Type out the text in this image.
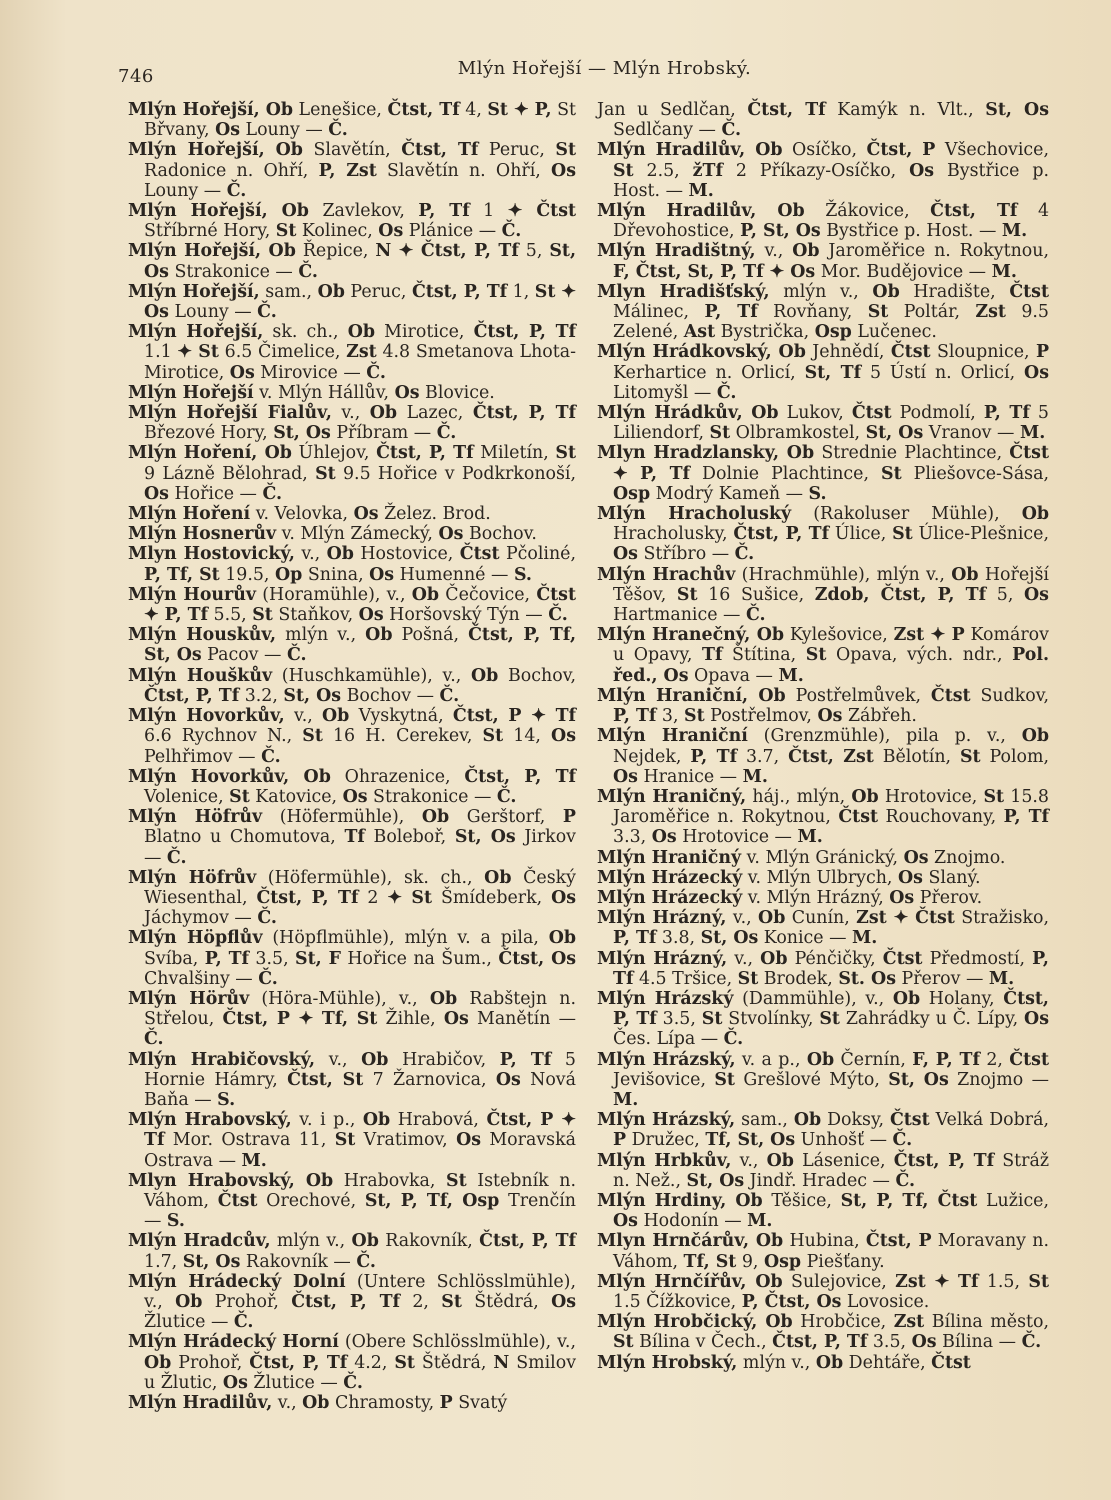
746	Mlýn Hořejší — Mlýn Hrobský.
Mlýn Hořejší, Ob Lenešice, Čtst, Tf 4, St ✦ P, St Břvany, Os Louny — Č.
Mlýn Hořejší, Ob Slavětín, Čtst, Tf Peruc, St Radonice n. Ohří, P, Zst Slavětín n. Ohří, Os Louny — Č.
Mlýn Hořejší, Ob Zavlekov, P, Tf 1 ✦ Čtst Stříbrné Hory, St Kolinec, Os Plánice — Č.
Mlýn Hořejší, Ob Řepice, N ✦ Čtst, P, Tf 5, St, Os Strakonice — Č.
Mlýn Hořejší, sam., Ob Peruc, Čtst, P, Tf 1, St ✦ Os Louny — Č.
Mlýn Hořejší, sk. ch., Ob Mirotice, Čtst, P, Tf 1.1 ✦ St 6.5 Čimelice, Zst 4.8 Smetanova Lhota-Mirotice, Os Mirovice — Č.
Mlýn Hořejší v. Mlýn Hállův, Os Blovice.
Mlýn Hořejší Fialův, v., Ob Lazec, Čtst, P, Tf Březové Hory, St, Os Příbram — Č.
Mlýn Hoření, Ob Úhlejov, Čtst, P, Tf Miletín, St 9 Lázně Bělohrad, St 9.5 Hořice v Podkrkonoší, Os Hořice — Č.
Mlýn Hoření v. Velovka, Os Želez. Brod.
Mlýn Hosnerův v. Mlýn Zámecký, Os Bochov.
Mlyn Hostovický, v., Ob Hostovice, Čtst Pčoliné, P, Tf, St 19.5, Op Snina, Os Humenné — S.
Mlýn Hourův (Horamühle), v., Ob Čečovice, Čtst ✦ P, Tf 5.5, St Staňkov, Os Horšovský Týn — Č.
Mlýn Houskův, mlýn v., Ob Pošná, Čtst, P, Tf, St, Os Pacov — Č.
Mlýn Houškův (Huschkamühle), v., Ob Bochov, Čtst, P, Tf 3.2, St, Os Bochov — Č.
Mlýn Hovorkův, v., Ob Vyskytná, Čtst, P ✦ Tf 6.6 Rychnov N., St 16 H. Cerekev, St 14, Os Pelhřimov — Č.
Mlýn Hovorkův, Ob Ohrazenice, Čtst, P, Tf Volenice, St Katovice, Os Strakonice — Č.
Mlýn Höfrův (Höfermühle), Ob Gerštorf, P Blatno u Chomutova, Tf Boleboř, St, Os Jirkov — Č.
Mlýn Höfrův (Höfermühle), sk. ch., Ob Český Wiesenthal, Čtst, P, Tf 2 ✦ St Šmídeberk, Os Jáchymov — Č.
Mlýn Höpflův (Höpflmühle), mlýn v. a pila, Ob Svíba, P, Tf 3.5, St, F Hořice na Šum., Čtst, Os Chvalšiny — Č.
Mlýn Hörův (Höra-Mühle), v., Ob Rabštejn n. Střelou, Čtst, P ✦ Tf, St Žihle, Os Manětín — Č.
Mlýn Hrabičovský, v., Ob Hrabičov, P, Tf 5 Hornie Hámry, Čtst, St 7 Žarnovica, Os Nová Baňa — S.
Mlýn Hrabovský, v. i p., Ob Hrabová, Čtst, P ✦ Tf Mor. Ostrava 11, St Vratimov, Os Moravská Ostrava — M.
Mlyn Hrabovský, Ob Hrabovka, St Istebník n. Váhom, Čtst Orechové, St, P, Tf, Osp Trenčín — S.
Mlýn Hradcův, mlýn v., Ob Rakovník, Čtst, P, Tf 1.7, St, Os Rakovník — Č.
Mlýn Hrádecký Dolní (Untere Schlösslmühle), v., Ob Prohoř, Čtst, P, Tf 2, St Štědrá, Os Žlutice — Č.
Mlýn Hrádecký Horní (Obere Schlösslmühle), v., Ob Prohoř, Čtst, P, Tf 4.2, St Štědrá, N Smilov u Žlutic, Os Žlutice — Č.
Mlýn Hradilův, v., Ob Chramosty, P Svatý
Jan u Sedlčan, Čtst, Tf Kamýk n. Vlt., St, Os Sedlčany — Č.
Mlýn Hradilův, Ob Osíčko, Čtst, P Všechovice, St 2.5, žTf 2 Příkazy-Osíčko, Os Bystřice p. Host. — M.
Mlýn Hradilův, Ob Žákovice, Čtst, Tf 4 Dřevohostice, P, St, Os Bystřice p. Host. — M.
Mlýn Hradištný, v., Ob Jaroměřice n. Rokytnou, F, Čtst, St, P, Tf ✦ Os Mor. Budějovice — M.
Mlyn Hradišťský, mlýn v., Ob Hradište, Čtst Málinec, P, Tf Rovňany, St Poltár, Zst 9.5 Zelené, Ast Bystrička, Osp Lučenec.
Mlýn Hrádkovský, Ob Jehnědí, Čtst Sloupnice, P Kerhartice n. Orlicí, St, Tf 5 Ústí n. Orlicí, Os Litomyšl — Č.
Mlýn Hrádkův, Ob Lukov, Čtst Podmolí, P, Tf 5 Liliendorf, St Olbramkostel, St, Os Vranov — M.
Mlyn Hradzlansky, Ob Strednie Plachtince, Čtst ✦ P, Tf Dolnie Plachtince, St Pliešovce-Sása, Osp Modrý Kameň — S.
Mlýn Hracholuský (Rakoluser Mühle), Ob Hracholusky, Čtst, P, Tf Úlice, St Úlice-Plešnice, Os Stříbro — Č.
Mlýn Hrachův (Hrachmühle), mlýn v., Ob Hořejší Těšov, St 16 Sušice, Zdob, Čtst, P, Tf 5, Os Hartmanice — Č.
Mlýn Hranečný, Ob Kylešovice, Zst ✦ P Komárov u Opavy, Tf Štítina, St Opava, vých. ndr., Pol. řed., Os Opava — M.
Mlýn Hraniční, Ob Postřelmůvek, Čtst Sudkov, P, Tf 3, St Postřelmov, Os Zábřeh.
Mlýn Hraniční (Grenzmühle), pila p. v., Ob Nejdek, P, Tf 3.7, Čtst, Zst Bělotín, St Polom, Os Hranice — M.
Mlýn Hraničný, háj., mlýn, Ob Hrotovice, St 15.8 Jaroměřice n. Rokytnou, Čtst Rouchovany, P, Tf 3.3, Os Hrotovice — M.
Mlýn Hraničný v. Mlýn Gránický, Os Znojmo.
Mlýn Hrázecký v. Mlýn Ulbrych, Os Slaný.
Mlýn Hrázecký v. Mlýn Hrázný, Os Přerov.
Mlýn Hrázný, v., Ob Cunín, Zst ✦ Čtst Stražisko, P, Tf 3.8, St, Os Konice — M.
Mlýn Hrázný, v., Ob Pénčičky, Čtst Předmostí, P, Tf 4.5 Tršice, St Brodek, St. Os Přerov — M.
Mlýn Hrázský (Dammühle), v., Ob Holany, Čtst, P, Tf 3.5, St Stvolínky, St Zahrádky u Č. Lípy, Os Čes. Lípa — Č.
Mlýn Hrázský, v. a p., Ob Černín, F, P, Tf 2, Čtst Jevišovice, St Grešlové Mýto, St, Os Znojmo — M.
Mlýn Hrázský, sam., Ob Doksy, Čtst Velká Dobrá, P Družec, Tf, St, Os Unhošť — Č.
Mlýn Hrbkův, v., Ob Lásenice, Čtst, P, Tf Stráž n. Než., St, Os Jindř. Hradec — Č.
Mlýn Hrdiny, Ob Těšice, St, P, Tf, Čtst Lužice, Os Hodonín — M.
Mlyn Hrnčárův, Ob Hubina, Čtst, P Moravany n. Váhom, Tf, St 9, Osp Piešťany.
Mlýn Hrnčířův, Ob Sulejovice, Zst ✦ Tf 1.5, St 1.5 Čížkovice, P, Čtst, Os Lovosice.
Mlýn Hrobčický, Ob Hrobčice, Zst Bílina město, St Bílina v Čech., Čtst, P, Tf 3.5, Os Bílina — Č.
Mlýn Hrobský, mlýn v., Ob Dehtáře, Čtst
